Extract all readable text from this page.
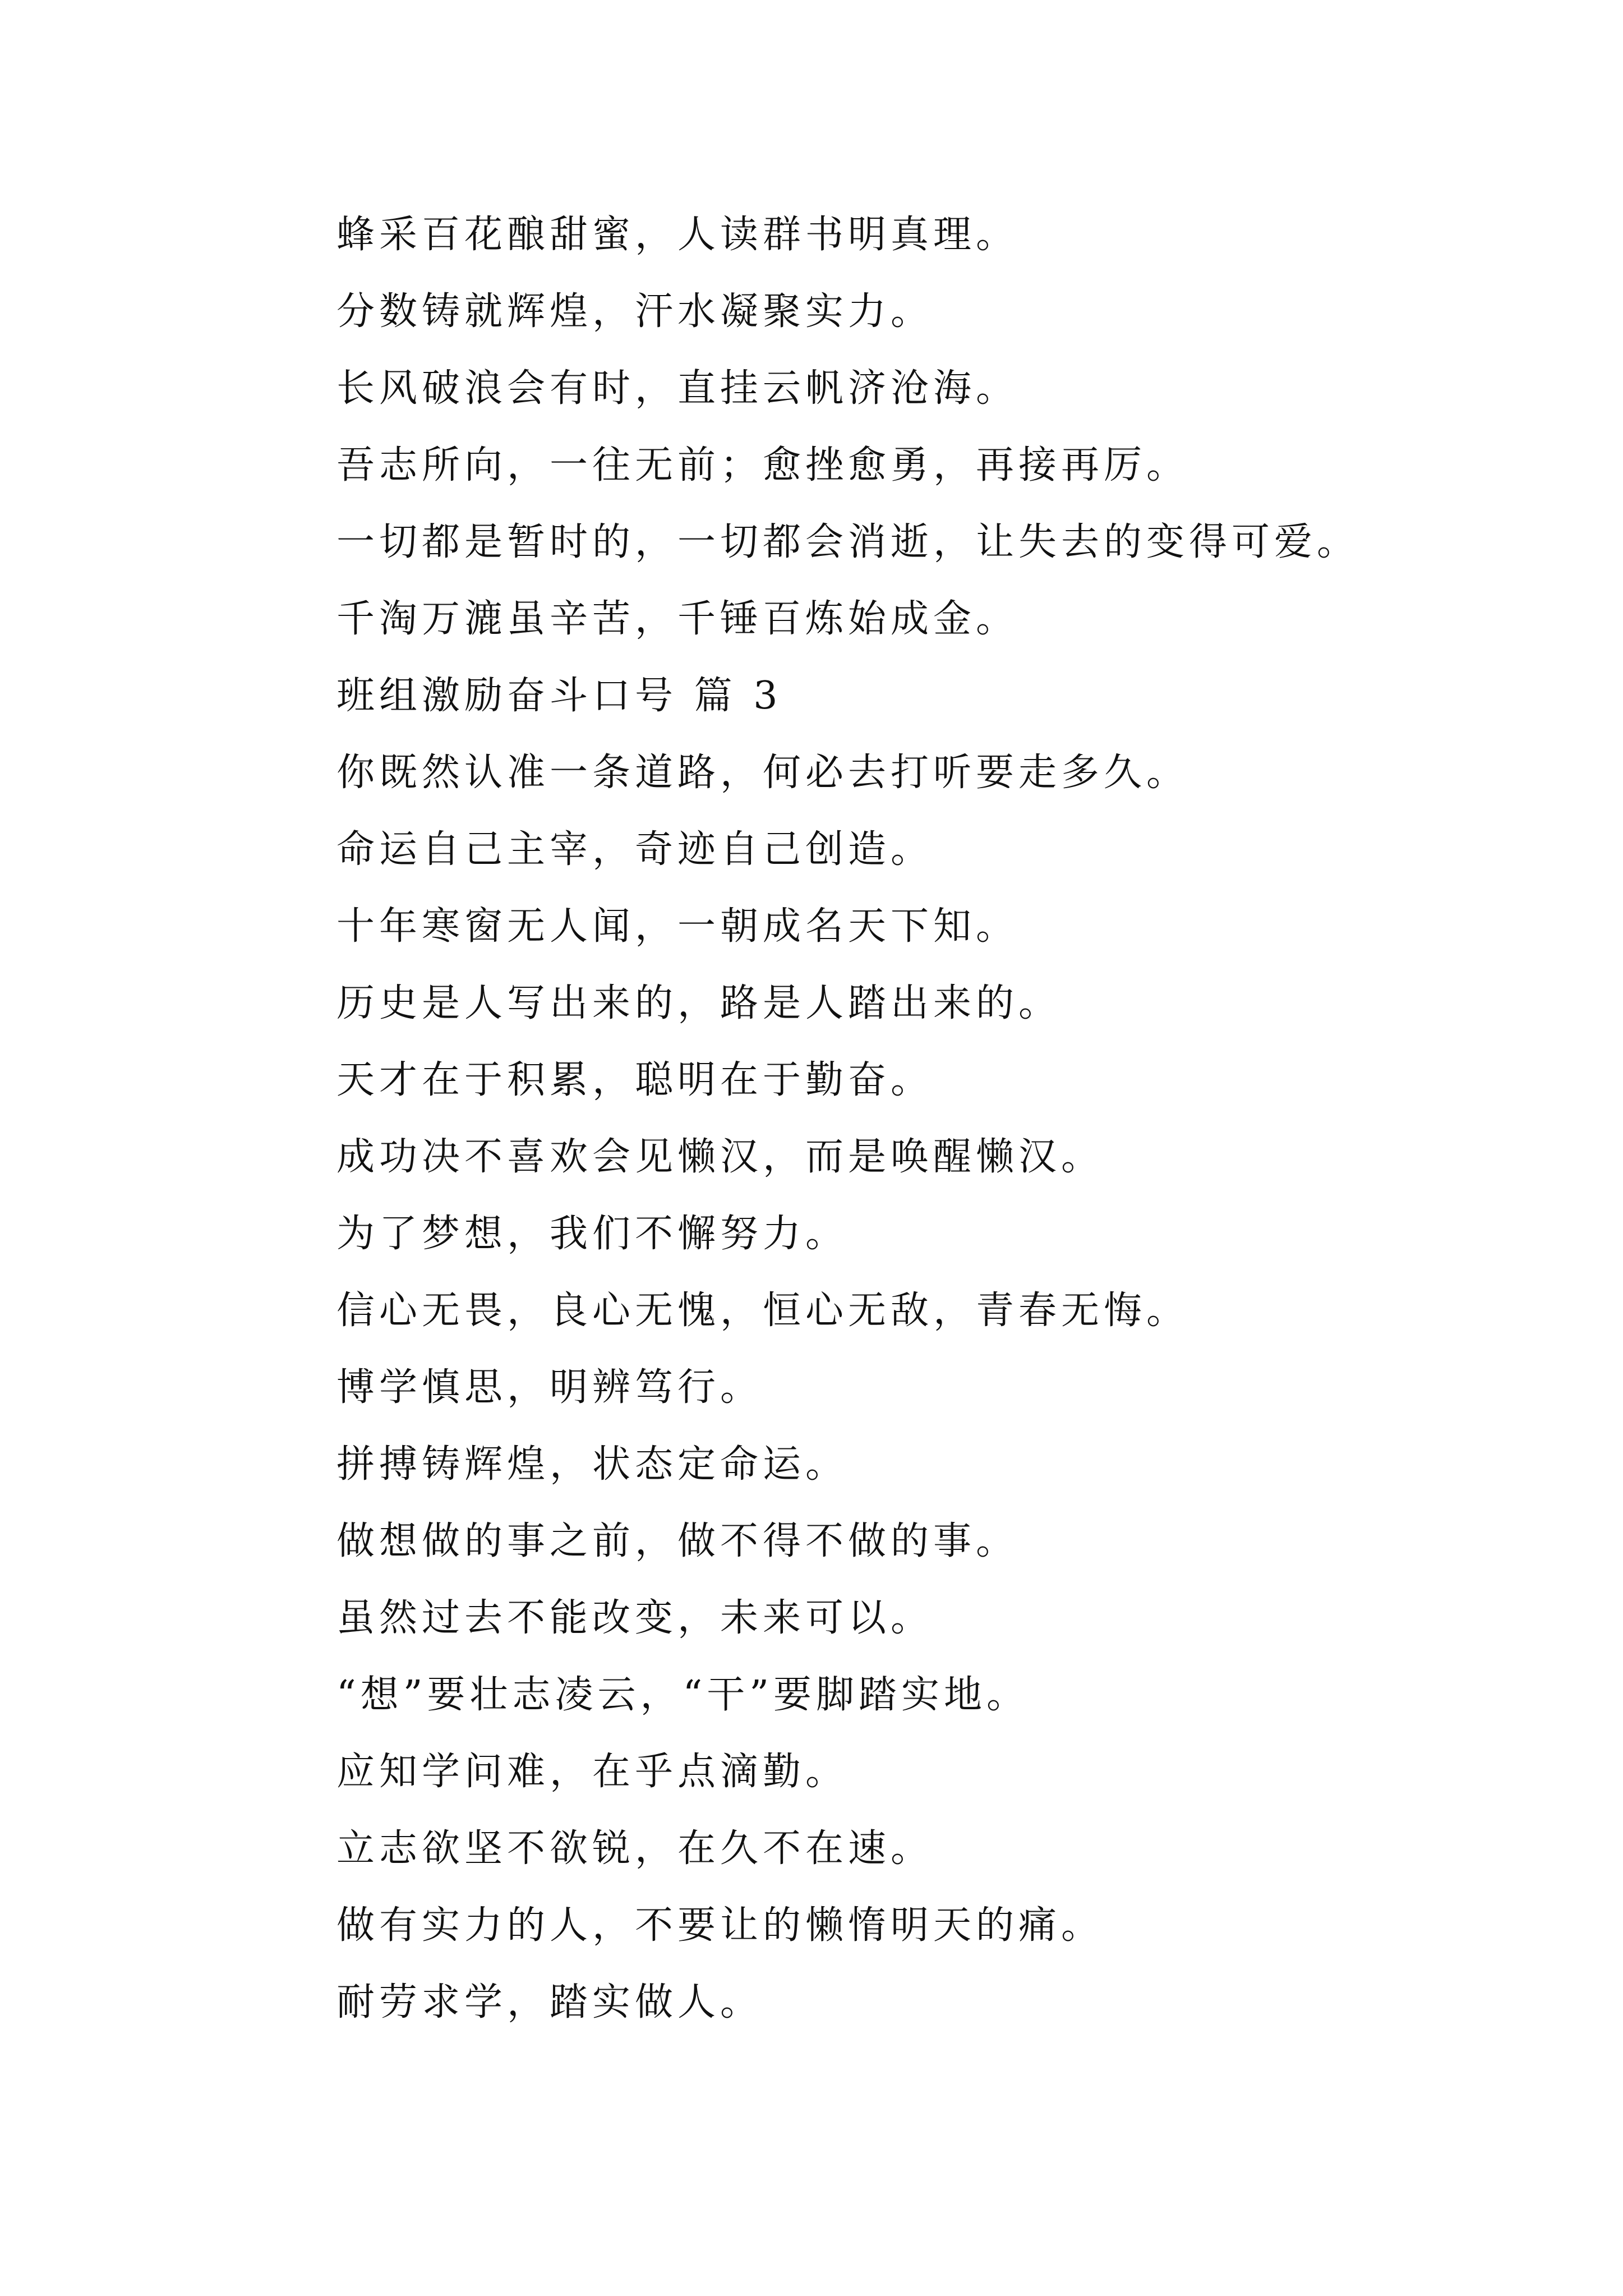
蜂采百花酿甜蜜，人读群书明真理。
分数铸就辉煌，汗水凝聚实力。
长风破浪会有时，直挂云帆济沧海。
吾志所向，一往无前；愈挫愈勇，再接再厉。
一切都是暂时的，一切都会消逝，让失去的变得可爱。
千淘万漉虽辛苦，千锤百炼始成金。
班组激励奋斗口号 篇 3
你既然认准一条道路，何必去打听要走多久。
命运自己主宰，奇迹自己创造。
十年寒窗无人闻，一朝成名天下知。
历史是人写出来的，路是人踏出来的。
天才在于积累，聪明在于勤奋。
成功决不喜欢会见懒汉，而是唤醒懒汉。
为了梦想，我们不懈努力。
信心无畏，良心无愧，恒心无敌，青春无悔。
博学慎思，明辨笃行。
拼搏铸辉煌，状态定命运。
做想做的事之前，做不得不做的事。
虽然过去不能改变，未来可以。
“想”要壮志凌云，“干”要脚踏实地。
应知学问难，在乎点滴勤。
立志欲坚不欲锐，在久不在速。
做有实力的人，不要让的懒惰明天的痛。
耐劳求学，踏实做人。
